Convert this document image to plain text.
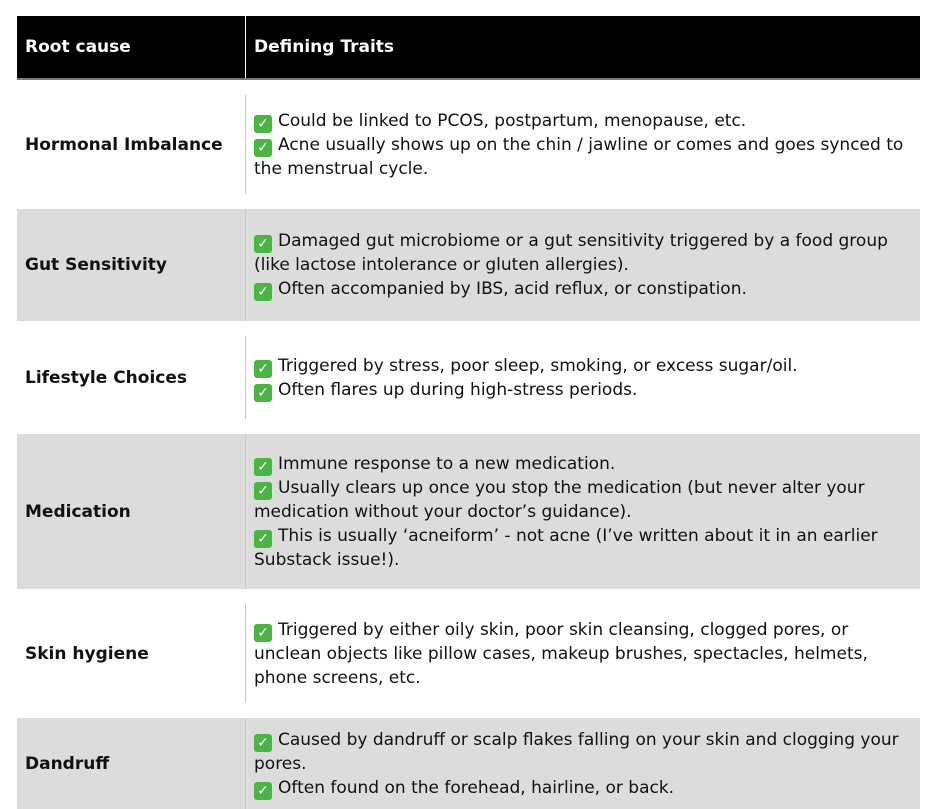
Root cause	Defining Traits
Hormonal Imbalance
✓ Could be linked to PCOS, postpartum, menopause, etc.
✓ Acne usually shows up on the chin / jawline or comes and goes synced to the menstrual cycle.
Gut Sensitivity
✓ Damaged gut microbiome or a gut sensitivity triggered by a food group (like lactose intolerance or gluten allergies).
✓ Often accompanied by IBS, acid reflux, or constipation.
Lifestyle Choices	✓ Triggered by stress, poor sleep, smoking, or excess sugar/oil.
✓ Often flares up during high-stress periods.
Medication
✓ Immune response to a new medication.
✓ Usually clears up once you stop the medication (but never alter your medication without your doctor’s guidance).
✓ This is usually ‘acneiform’ - not acne (I’ve written about it in an earlier Substack issue!).
Skin hygiene
✓ Triggered by either oily skin, poor skin cleansing, clogged pores, or unclean objects like pillow cases, makeup brushes, spectacles, helmets, phone screens, etc.
Dandruff
✓ Caused by dandruff or scalp flakes falling on your skin and clogging your pores.
✓ Often found on the forehead, hairline, or back.
